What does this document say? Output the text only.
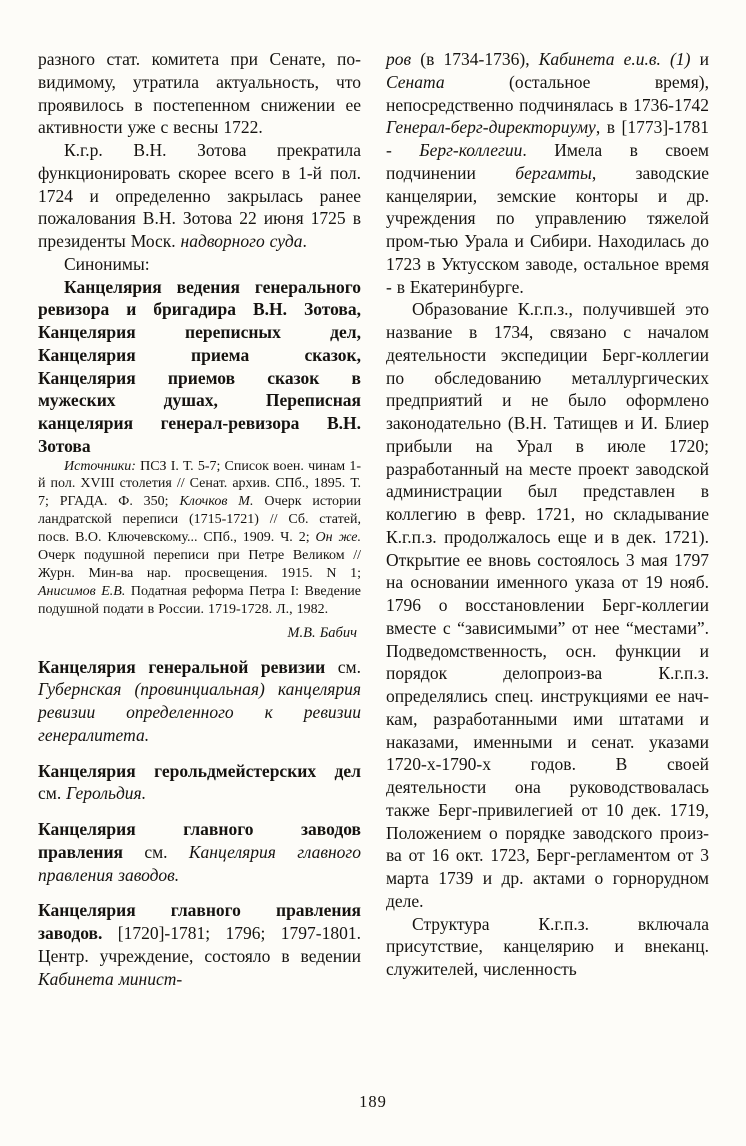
разного стат. комитета при Сенате, по-видимому, утратила актуальность, что проявилось в постепенном снижении ее активности уже с весны 1722.

К.г.р. В.Н. Зотова прекратила функционировать скорее всего в 1-й пол. 1724 и определенно закрылась ранее пожалования В.Н. Зотова 22 июня 1725 в президенты Моск. надворного суда.

Синонимы:

Канцелярия ведения генерального ревизора и бригадира В.Н. Зотова, Канцелярия переписных дел, Канцелярия приема сказок, Канцелярия приемов сказок в мужеских душах, Переписная канцелярия генерал-ревизора В.Н. Зотова

Источники: ПСЗ I. Т. 5-7; Список воен. чинам 1-й пол. XVIII столетия // Сенат. архив. СПб., 1895. Т. 7; РГАДА. Ф. 350; Клочков М. Очерк истории ландратской переписи (1715-1721) // Сб. статей, посв. В.О. Ключевскому... СПб., 1909. Ч. 2; Он же. Очерк подушной переписи при Петре Великом // Журн. Мин-ва нар. просвещения. 1915. N 1; Анисимов Е.В. Податная реформа Петра I: Введение подушной подати в России. 1719-1728. Л., 1982.

М.В. Бабич

Канцелярия генеральной ревизии см. Губернская (провинциальная) канцелярия ревизии определенного к ревизии генералитета.

Канцелярия герольдмейстерских дел см. Герольдия.

Канцелярия главного заводов правления см. Канцелярия главного правления заводов.

Канцелярия главного правления заводов. [1720]-1781; 1796; 1797-1801. Центр. учреждение, состояло в ведении Кабинета минист-

ров (в 1734-1736), Кабинета е.и.в. (1) и Сената (остальное время), непосредственно подчинялась в 1736-1742 Генерал-берг-директориуму, в [1773]-1781 - Берг-коллегии. Имела в своем подчинении бергамты, заводские канцелярии, земские конторы и др. учреждения по управлению тяжелой пром-тью Урала и Сибири. Находилась до 1723 в Уктусском заводе, остальное время - в Екатеринбурге.

Образование К.г.п.з., получившей это название в 1734, связано с началом деятельности экспедиции Берг-коллегии по обследованию металлургических предприятий и не было оформлено законодательно (В.Н. Татищев и И. Блиер прибыли на Урал в июле 1720; разработанный на месте проект заводской администрации был представлен в коллегию в февр. 1721, но складывание К.г.п.з. продолжалось еще и в дек. 1721). Открытие ее вновь состоялось 3 мая 1797 на основании именного указа от 19 нояб. 1796 о восстановлении Берг-коллегии вместе с “зависимыми” от нее “местами”. Подведомственность, осн. функции и порядок делопроиз-ва К.г.п.з. определялись спец. инструкциями ее нач-кам, разработанными ими штатами и наказами, именными и сенат. указами 1720-х-1790-х годов. В своей деятельности она руководствовалась также Берг-привилегией от 10 дек. 1719, Положением о порядке заводского произ-ва от 16 окт. 1723, Берг-регламентом от 3 марта 1739 и др. актами о горнорудном деле.

Структура К.г.п.з. включала присутствие, канцелярию и внеканц. служителей, численность

189
